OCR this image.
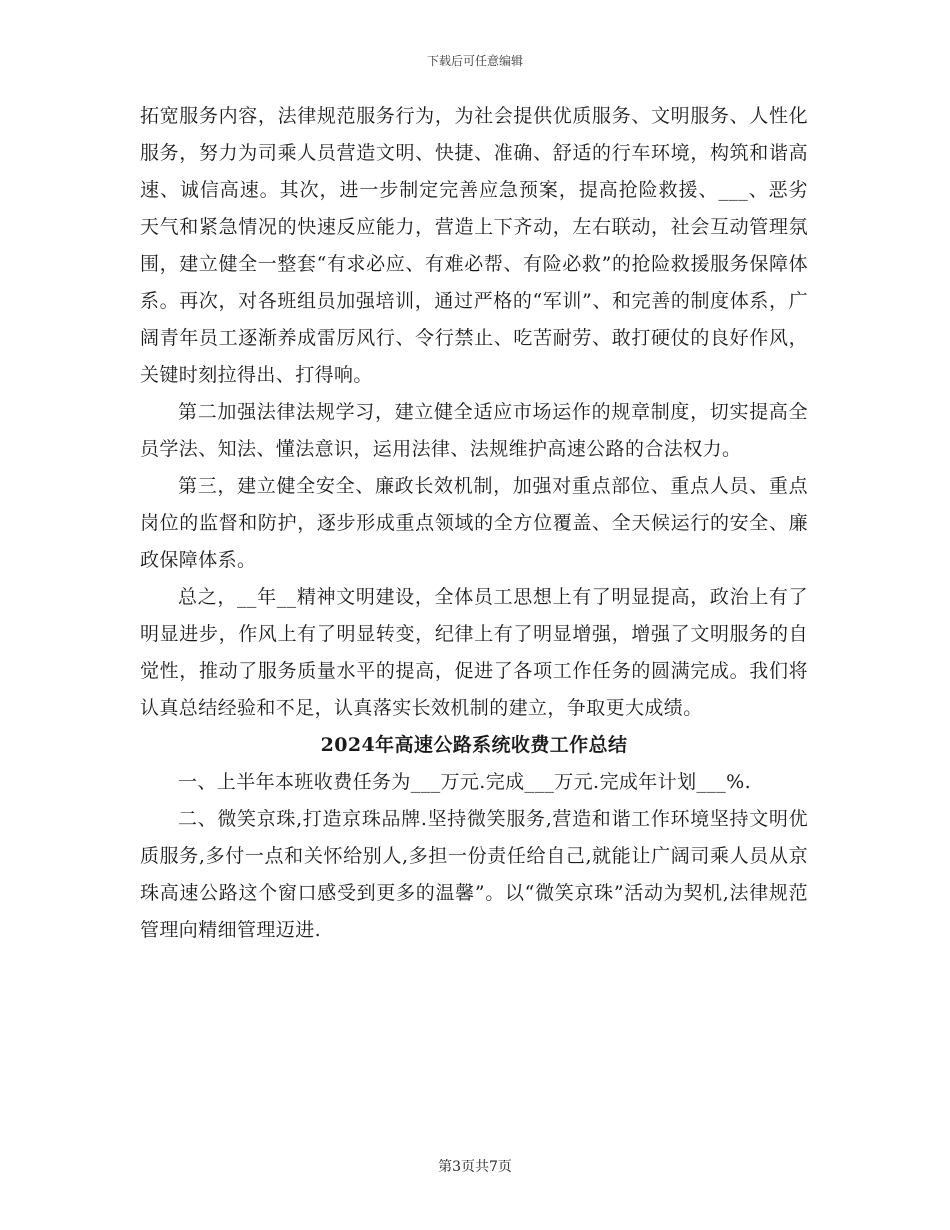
下载后可任意编辑

拓宽服务内容，法律规范服务行为，为社会提供优质服务、文明服务、人性化服务，努力为司乘人员营造文明、快捷、准确、舒适的行车环境，构筑和谐高速、诚信高速。其次，进一步制定完善应急预案，提高抢险救援、___、恶劣天气和紧急情况的快速反应能力，营造上下齐动，左右联动，社会互动管理氛围，建立健全一整套“有求必应、有难必帮、有险必救”的抢险救援服务保障体系。再次，对各班组员加强培训，通过严格的“军训”、和完善的制度体系，广阔青年员工逐渐养成雷厉风行、令行禁止、吃苦耐劳、敢打硬仗的良好作风，关键时刻拉得出、打得响。

第二加强法律法规学习，建立健全适应市场运作的规章制度，切实提高全员学法、知法、懂法意识，运用法律、法规维护高速公路的合法权力。

第三，建立健全安全、廉政长效机制，加强对重点部位、重点人员、重点岗位的监督和防护，逐步形成重点领域的全方位覆盖、全天候运行的安全、廉政保障体系。

总之，__年__精神文明建设，全体员工思想上有了明显提高，政治上有了明显进步，作风上有了明显转变，纪律上有了明显增强，增强了文明服务的自觉性，推动了服务质量水平的提高，促进了各项工作任务的圆满完成。我们将认真总结经验和不足，认真落实长效机制的建立，争取更大成绩。

2024年高速公路系统收费工作总结

一、上半年本班收费任务为___万元.完成___万元.完成年计划___%.

二、微笑京珠,打造京珠品牌.坚持微笑服务,营造和谐工作环境坚持文明优质服务,多付一点和关怀给别人,多担一份责任给自己,就能让广阔司乘人员从京珠高速公路这个窗口感受到更多的温馨”。以“微笑京珠”活动为契机,法律规范管理向精细管理迈进.

第3页共7页
